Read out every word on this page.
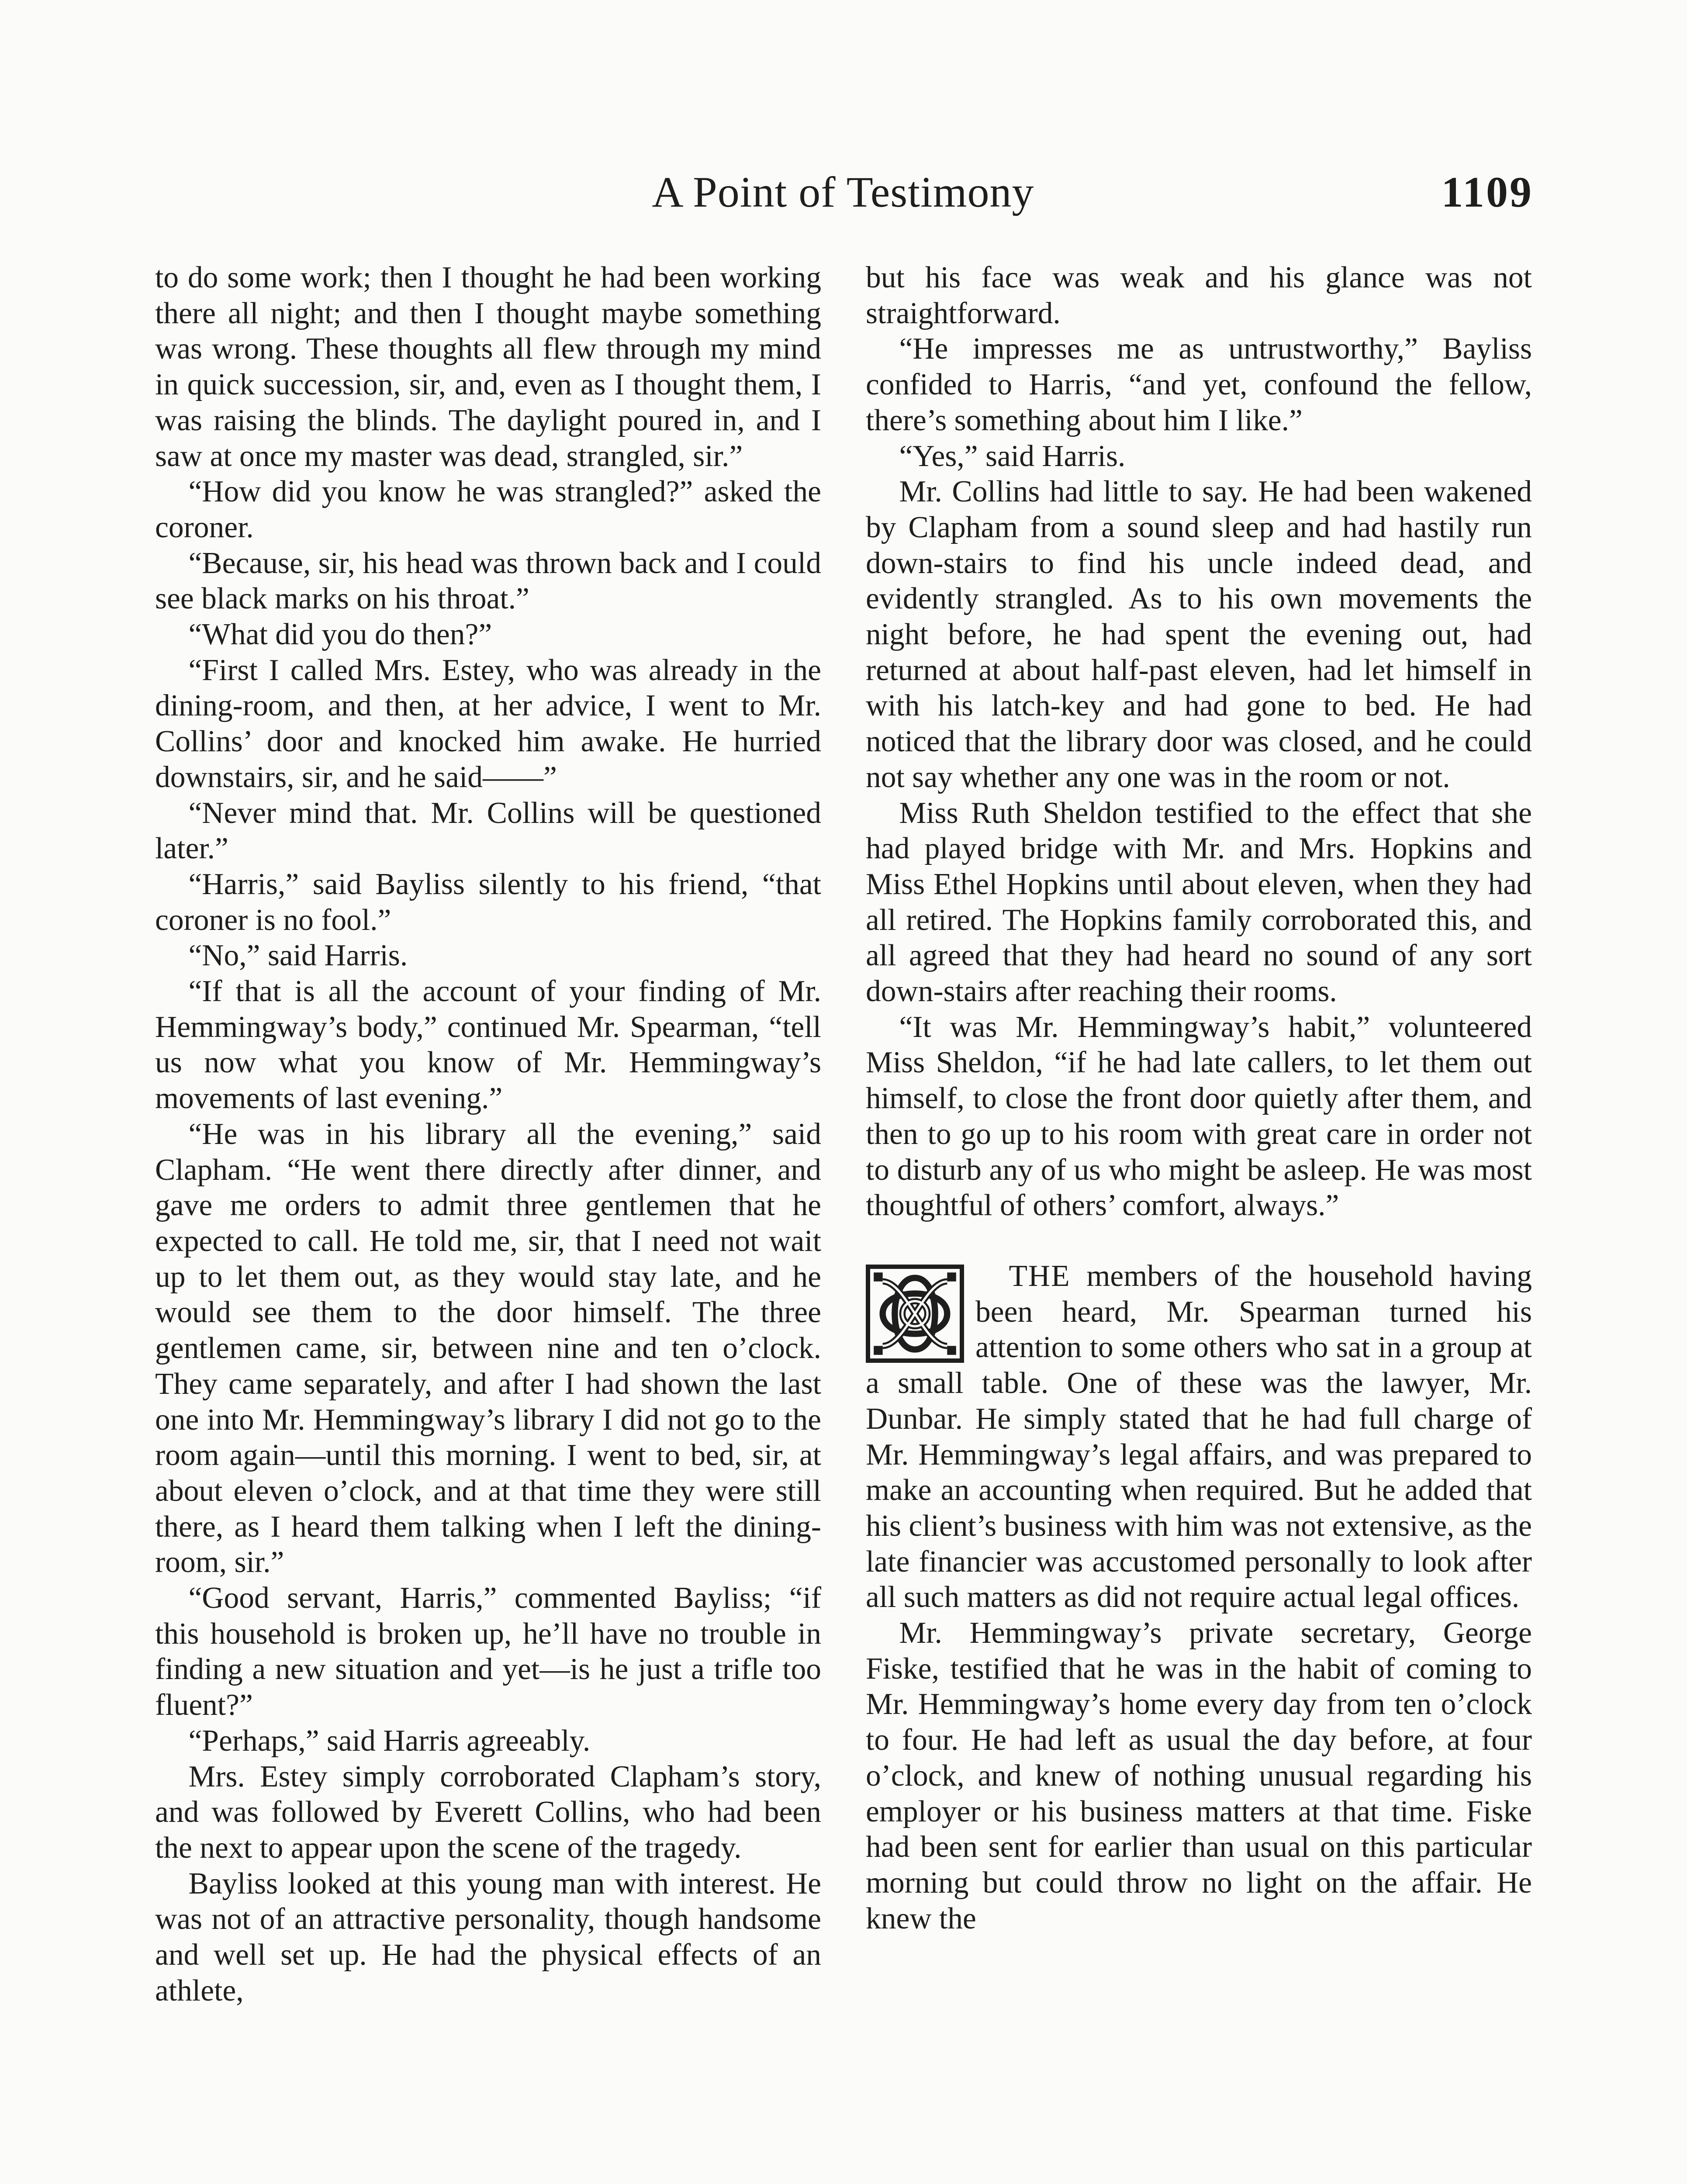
A Point of Testimony	1109

to do some work; then I thought he had been working there all night; and then I thought maybe something was wrong. These thoughts all flew through my mind in quick succession, sir, and, even as I thought them, I was raising the blinds. The daylight poured in, and I saw at once my master was dead, strangled, sir.”

“How did you know he was strangled?” asked the coroner.

“Because, sir, his head was thrown back and I could see black marks on his throat.”

“What did you do then?”

“First I called Mrs. Estey, who was already in the dining-room, and then, at her advice, I went to Mr. Collins’ door and knocked him awake. He hurried downstairs, sir, and he said——”

“Never mind that. Mr. Collins will be questioned later.”

“Harris,” said Bayliss silently to his friend, “that coroner is no fool.”

“No,” said Harris.

“If that is all the account of your finding of Mr. Hemmingway’s body,” continued Mr. Spearman, “tell us now what you know of Mr. Hemmingway’s movements of last evening.”

“He was in his library all the evening,” said Clapham. “He went there directly after dinner, and gave me orders to admit three gentlemen that he expected to call. He told me, sir, that I need not wait up to let them out, as they would stay late, and he would see them to the door himself. The three gentlemen came, sir, between nine and ten o’clock. They came separately, and after I had shown the last one into Mr. Hemmingway’s library I did not go to the room again—until this morning. I went to bed, sir, at about eleven o’clock, and at that time they were still there, as I heard them talking when I left the dining-room, sir.”

“Good servant, Harris,” commented Bayliss; “if this household is broken up, he’ll have no trouble in finding a new situation and yet—is he just a trifle too fluent?”

“Perhaps,” said Harris agreeably.

Mrs. Estey simply corroborated Clapham’s story, and was followed by Everett Collins, who had been the next to appear upon the scene of the tragedy.

Bayliss looked at this young man with interest. He was not of an attractive personality, though handsome and well set up. He had the physical effects of an athlete,

but his face was weak and his glance was not straightforward.

“He impresses me as untrustworthy,” Bayliss confided to Harris, “and yet, confound the fellow, there’s something about him I like.”

“Yes,” said Harris.

Mr. Collins had little to say. He had been wakened by Clapham from a sound sleep and had hastily run down-stairs to find his uncle indeed dead, and evidently strangled. As to his own movements the night before, he had spent the evening out, had returned at about half-past eleven, had let himself in with his latch-key and had gone to bed. He had noticed that the library door was closed, and he could not say whether any one was in the room or not.

Miss Ruth Sheldon testified to the effect that she had played bridge with Mr. and Mrs. Hopkins and Miss Ethel Hopkins until about eleven, when they had all retired. The Hopkins family corroborated this, and all agreed that they had heard no sound of any sort down-stairs after reaching their rooms.

“It was Mr. Hemmingway’s habit,” volunteered Miss Sheldon, “if he had late callers, to let them out himself, to close the front door quietly after them, and then to go up to his room with great care in order not to disturb any of us who might be asleep. He was most thoughtful of others’ comfort, always.”

THE members of the household having been heard, Mr. Spearman turned his attention to some others who sat in a group at a small table. One of these was the lawyer, Mr. Dunbar. He simply stated that he had full charge of Mr. Hemmingway’s legal affairs, and was prepared to make an accounting when required. But he added that his client’s business with him was not extensive, as the late financier was accustomed personally to look after all such matters as did not require actual legal offices.

Mr. Hemmingway’s private secretary, George Fiske, testified that he was in the habit of coming to Mr. Hemmingway’s home every day from ten o’clock to four. He had left as usual the day before, at four o’clock, and knew of nothing unusual regarding his employer or his business matters at that time. Fiske had been sent for earlier than usual on this particular morning but could throw no light on the affair. He knew the
